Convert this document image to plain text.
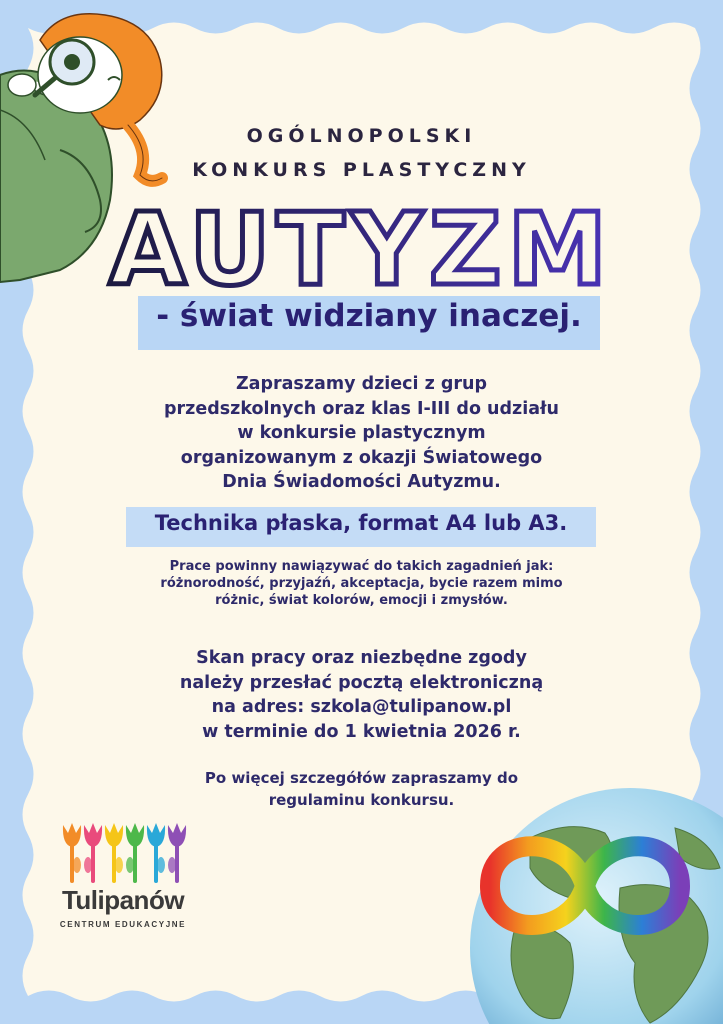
OGÓLNOPOLSKI
KONKURS PLASTYCZNY
AUTYZM
- świat widziany inaczej.
Zapraszamy dzieci z grup
przedszkolnych oraz klas I-III do udziału
w konkursie plastycznym
organizowanym z okazji Światowego
Dnia Świadomości Autyzmu.
Technika płaska, format A4 lub A3.
Prace powinny nawiązywać do takich zagadnień jak:
różnorodność, przyjaźń, akceptacja, bycie razem mimo
różnic, świat kolorów, emocji i zmysłów.
Skan pracy oraz niezbędne zgody
należy przesłać pocztą elektroniczną
na adres: szkola@tulipanow.pl
w terminie do 1 kwietnia 2026 r.
Po więcej szczegółów zapraszamy do
regulaminu konkursu.
Tulipanów
CENTRUM EDUKACYJNE
